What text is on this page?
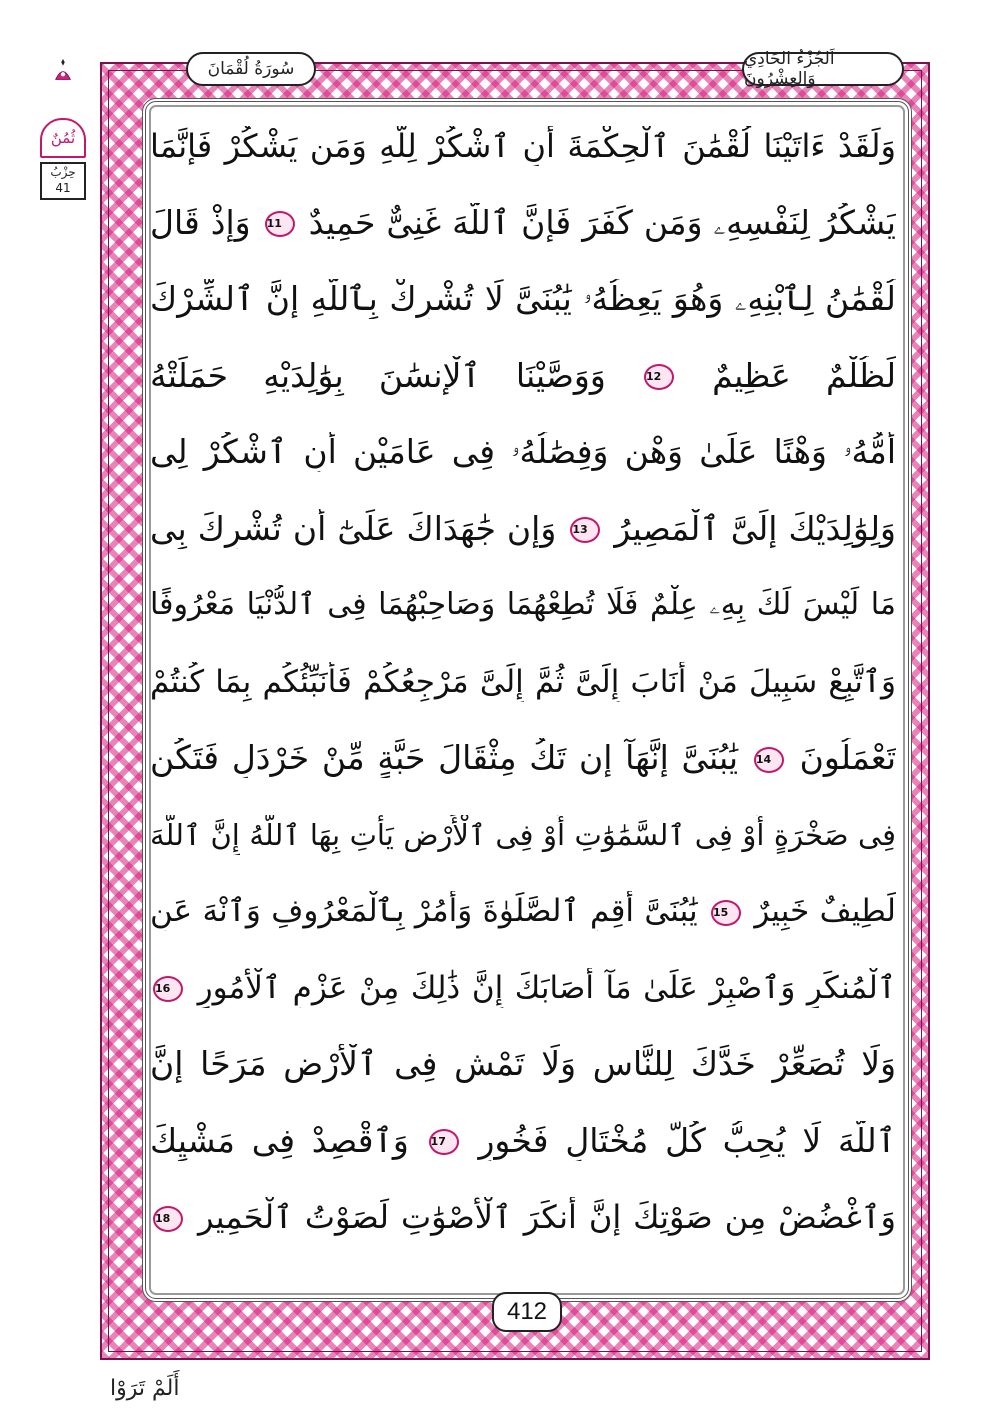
اَلجُزْءُ الحَادِي وَالعِشْرُونَ
سُورَةُ لُقْمَانَ
ثُمُنٌ
حِزْبُ
41
وَلَقَدْ ءَاتَيْنَا لُقْمَٰنَ ٱلْحِكْمَةَ أَنِ ٱشْكُرْ لِلَّهِ وَمَن يَشْكُرْ فَإِنَّمَا
يَشْكُرُ لِنَفْسِهِۦ وَمَن كَفَرَ فَإِنَّ ٱللَّهَ غَنِىٌّ حَمِيدٌ 11 وَإِذْ قَالَ
لُقْمَٰنُ لِٱبْنِهِۦ وَهُوَ يَعِظُهُۥ يَٰبُنَىَّ لَا تُشْرِكْ بِٱللَّهِ إِنَّ ٱلشِّرْكَ
لَظُلْمٌ عَظِيمٌ 12 وَوَصَّيْنَا ٱلْإِنسَٰنَ بِوَٰلِدَيْهِ حَمَلَتْهُ
أُمُّهُۥ وَهْنًا عَلَىٰ وَهْنٍ وَفِصَٰلُهُۥ فِى عَامَيْنِ أَنِ ٱشْكُرْ لِى
وَلِوَٰلِدَيْكَ إِلَىَّ ٱلْمَصِيرُ 13 وَإِن جَٰهَدَاكَ عَلَىٰٓ أَن تُشْرِكَ بِى
مَا لَيْسَ لَكَ بِهِۦ عِلْمٌ فَلَا تُطِعْهُمَا وَصَاحِبْهُمَا فِى ٱلدُّنْيَا مَعْرُوفًا
وَٱتَّبِعْ سَبِيلَ مَنْ أَنَابَ إِلَىَّ ثُمَّ إِلَىَّ مَرْجِعُكُمْ فَأُنَبِّئُكُم بِمَا كُنتُمْ
تَعْمَلُونَ 14 يَٰبُنَىَّ إِنَّهَآ إِن تَكُ مِثْقَالَ حَبَّةٍ مِّنْ خَرْدَلٍ فَتَكُن
فِى صَخْرَةٍ أَوْ فِى ٱلسَّمَٰوَٰتِ أَوْ فِى ٱلْأَرْضِ يَأْتِ بِهَا ٱللَّهُ إِنَّ ٱللَّهَ
لَطِيفٌ خَبِيرٌ 15 يَٰبُنَىَّ أَقِمِ ٱلصَّلَوٰةَ وَأْمُرْ بِٱلْمَعْرُوفِ وَٱنْهَ عَنِ
ٱلْمُنكَرِ وَٱصْبِرْ عَلَىٰ مَآ أَصَابَكَ إِنَّ ذَٰلِكَ مِنْ عَزْمِ ٱلْأُمُورِ 16
وَلَا تُصَعِّرْ خَدَّكَ لِلنَّاسِ وَلَا تَمْشِ فِى ٱلْأَرْضِ مَرَحًا إِنَّ
ٱللَّهَ لَا يُحِبُّ كُلَّ مُخْتَالٍ فَخُورٍ 17 وَٱقْصِدْ فِى مَشْيِكَ
وَٱغْضُضْ مِن صَوْتِكَ إِنَّ أَنكَرَ ٱلْأَصْوَٰتِ لَصَوْتُ ٱلْحَمِيرِ 18
412
أَلَمْ تَرَوْا
